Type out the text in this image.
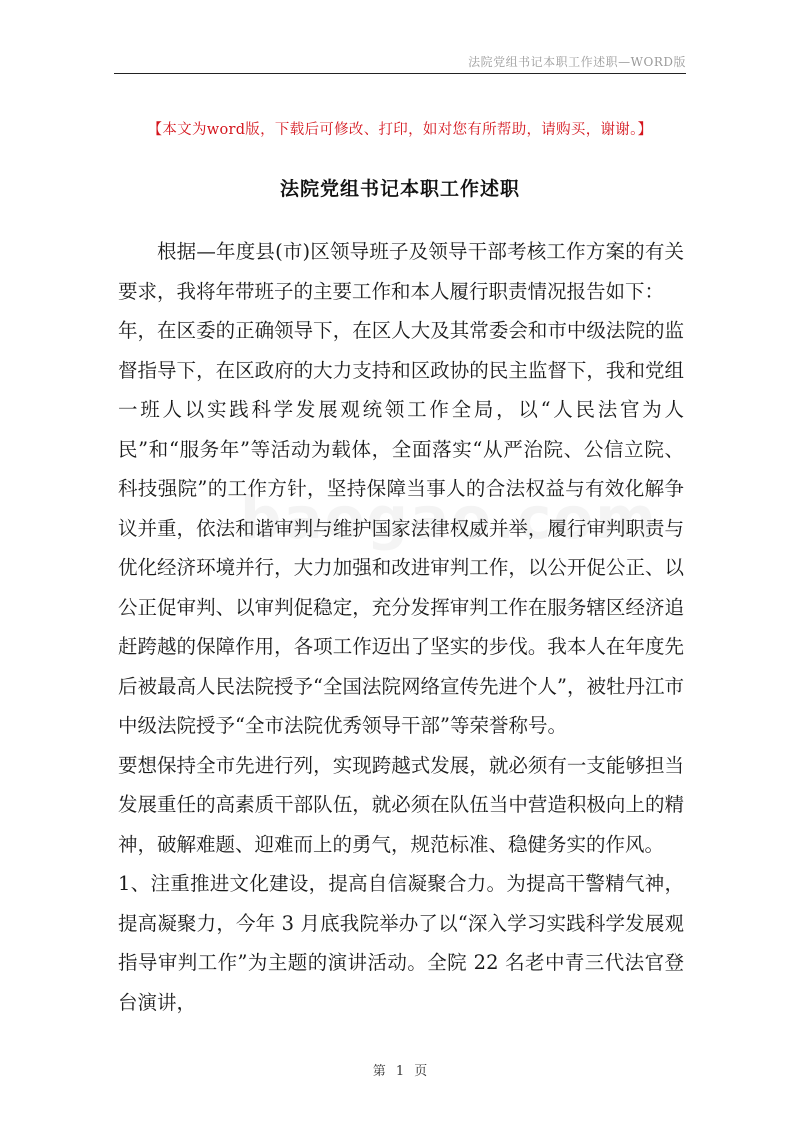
法院党组书记本职工作述职—WORD版
【本文为word版，下载后可修改、打印，如对您有所帮助，请购买，谢谢。】
法院党组书记本职工作述职

根据—年度县(市)区领导班子及领导干部考核工作方案的有关要求，我将年带班子的主要工作和本人履行职责情况报告如下：

年，在区委的正确领导下，在区人大及其常委会和市中级法院的监督指导下，在区政府的大力支持和区政协的民主监督下，我和党组一班人以实践科学发展观统领工作全局，以“人民法官为人民”和“服务年”等活动为载体，全面落实“从严治院、公信立院、科技强院”的工作方针，坚持保障当事人的合法权益与有效化解争议并重，依法和谐审判与维护国家法律权威并举，履行审判职责与优化经济环境并行，大力加强和改进审判工作，以公开促公正、以公正促审判、以审判促稳定，充分发挥审判工作在服务辖区经济追赶跨越的保障作用，各项工作迈出了坚实的步伐。我本人在年度先后被最高人民法院授予“全国法院网络宣传先进个人”，被牡丹江市中级法院授予“全市法院优秀领导干部”等荣誉称号。

要想保持全市先进行列，实现跨越式发展，就必须有一支能够担当发展重任的高素质干部队伍，就必须在队伍当中营造积极向上的精神，破解难题、迎难而上的勇气，规范标准、稳健务实的作风。

1、注重推进文化建设，提高自信凝聚合力。为提高干警精气神，提高凝聚力，今年 3 月底我院举办了以“深入学习实践科学发展观指导审判工作”为主题的演讲活动。全院 22 名老中青三代法官登台演讲，

第 1 页
